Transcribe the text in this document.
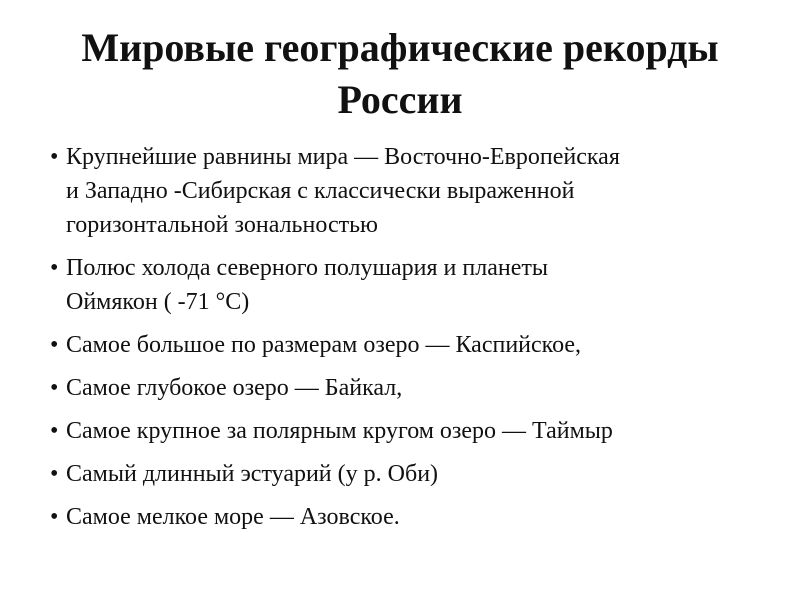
Мировые географические рекорды
России
• Крупнейшие равнины мира — Восточно-Европейская
и Западно -Сибирская с классически выраженной
горизонтальной зональностью
• Полюс холода северного полушария и планеты
Оймякон ( -71 °С)
• Самое большое по размерам озеро — Каспийское,
• Самое глубокое озеро — Байкал,
• Самое крупное за полярным кругом озеро — Таймыр
• Самый длинный эстуарий (у р. Оби)
• Самое мелкое море — Азовское.
